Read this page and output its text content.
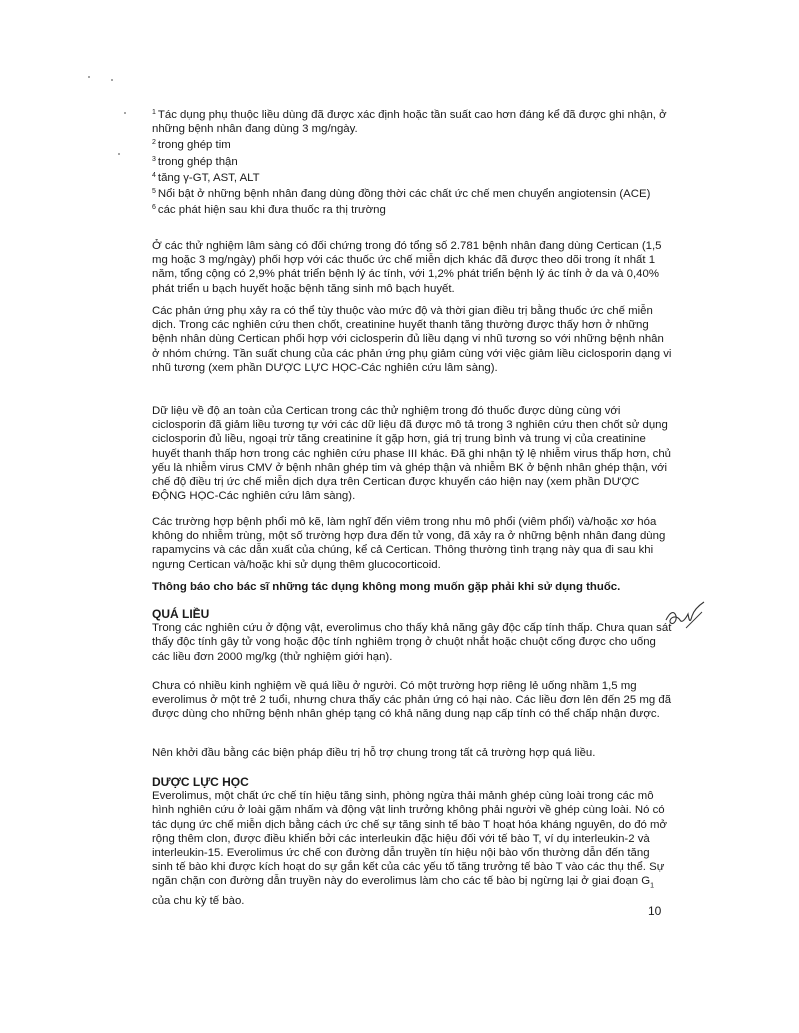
$^1$ Tác dụng phụ thuộc liều dùng đã được xác định hoặc tần suất cao hơn đáng kể đã được ghi nhận, ở những bệnh nhân đang dùng 3 mg/ngày.

$^2$ trong ghép tim

$^3$ trong ghép thận

$^4$ tăng γ-GT, AST, ALT

$^5$ Nổi bật ở những bệnh nhân đang dùng đồng thời các chất ức chế men chuyển angiotensin (ACE)

$^6$ các phát hiện sau khi đưa thuốc ra thị trường

Ở các thử nghiệm lâm sàng có đối chứng trong đó tổng số 2.781 bệnh nhân đang dùng Certican (1,5 mg hoặc 3 mg/ngày) phối hợp với các thuốc ức chế miễn dịch khác đã được theo dõi trong ít nhất 1 năm, tổng cộng có 2,9% phát triển bệnh lý ác tính, với 1,2% phát triển bệnh lý ác tính ở da và 0,40% phát triển u bạch huyết hoặc bệnh tăng sinh mô bạch huyết.

Các phản ứng phụ xảy ra có thể tùy thuộc vào mức độ và thời gian điều trị bằng thuốc ức chế miễn dịch. Trong các nghiên cứu then chốt, creatinine huyết thanh tăng thường được thấy hơn ở những bệnh nhân dùng Certican phối hợp với ciclosperin đủ liều dạng vi nhũ tương so với những bệnh nhân ở nhóm chứng. Tần suất chung của các phản ứng phụ giảm cùng với việc giảm liều ciclosporin dạng vi nhũ tương (xem phần DƯỢC LỰC HỌC-Các nghiên cứu lâm sàng).

Dữ liệu về độ an toàn của Certican trong các thử nghiệm trong đó thuốc được dùng cùng với ciclosporin đã giảm liều tương tự với các dữ liệu đã được mô tả trong 3 nghiên cứu then chốt sử dụng ciclosporin đủ liều, ngoại trừ tăng creatinine ít gặp hơn, giá trị trung bình và trung vị của creatinine huyết thanh thấp hơn trong các nghiên cứu phase III khác. Đã ghi nhận tỷ lệ nhiễm virus thấp hơn, chủ yếu là nhiễm virus CMV ở bệnh nhân ghép tim và ghép thận và nhiễm BK ở bệnh nhân ghép thận, với chế độ điều trị ức chế miễn dịch dựa trên Certican được khuyến cáo hiện nay (xem phần DƯỢC ĐỘNG HỌC-Các nghiên cứu lâm sàng).

Các trường hợp bệnh phổi mô kẽ, làm nghĩ đến viêm trong nhu mô phổi (viêm phổi) và/hoặc xơ hóa không do nhiễm trùng, một số trường hợp đưa đến tử vong, đã xảy ra ở những bệnh nhân đang dùng rapamycins và các dẫn xuất của chúng, kể cả Certican. Thông thường tình trạng này qua đi sau khi ngưng Certican và/hoặc khi sử dụng thêm glucocorticoid.

Thông báo cho bác sĩ những tác dụng không mong muốn gặp phải khi sử dụng thuốc.

QUÁ LIỀU

Trong các nghiên cứu ở động vật, everolimus cho thấy khả năng gây độc cấp tính thấp. Chưa quan sát thấy độc tính gây tử vong hoặc độc tính nghiêm trọng ở chuột nhắt hoặc chuột cống được cho uống các liều đơn 2000 mg/kg (thử nghiệm giới hạn).

Chưa có nhiều kinh nghiệm về quá liều ở người. Có một trường hợp riêng lẻ uống nhầm 1,5 mg everolimus ở một trẻ 2 tuổi, nhưng chưa thấy các phản ứng có hại nào. Các liều đơn lên đến 25 mg đã được dùng cho những bệnh nhân ghép tạng có khả năng dung nạp cấp tính có thể chấp nhận được.

Nên khởi đầu bằng các biện pháp điều trị hỗ trợ chung trong tất cả trường hợp quá liều.

DƯỢC LỰC HỌC

Everolimus, một chất ức chế tín hiệu tăng sinh, phòng ngừa thải mảnh ghép cùng loài trong các mô hình nghiên cứu ở loài gặm nhấm và động vật linh trưởng không phải người về ghép cùng loài. Nó có tác dụng ức chế miễn dịch bằng cách ức chế sự tăng sinh tế bào T hoạt hóa kháng nguyên, do đó mở rộng thêm clon, được điều khiển bởi các interleukin đặc hiệu đối với tế bào T, ví dụ interleukin-2 và interleukin-15. Everolimus ức chế con đường dẫn truyền tín hiệu nội bào vốn thường dẫn đến tăng sinh tế bào khi được kích hoạt do sự gắn kết của các yếu tố tăng trưởng tế bào T vào các thụ thể. Sự ngăn chặn con đường dẫn truyền này do everolimus làm cho các tế bào bị ngừng lại ở giai đoạn $G_1$ của chu kỳ tế bào.

10
